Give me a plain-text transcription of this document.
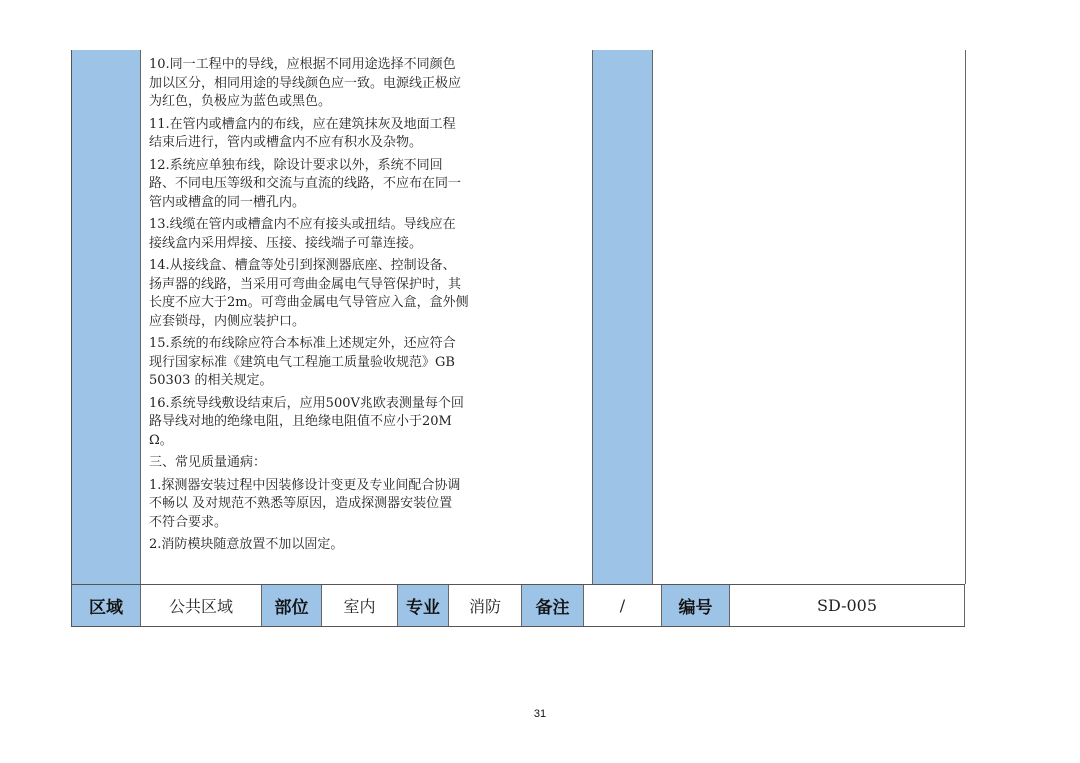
10.同一工程中的导线，应根据不同用途选择不同颜色
加以区分，相同用途的导线颜色应一致。电源线正极应
为红色，负极应为蓝色或黑色。

11.在管内或槽盒内的布线，应在建筑抹灰及地面工程
结束后进行，管内或槽盒内不应有积水及杂物。

12.系统应单独布线，除设计要求以外，系统不同回
路、不同电压等级和交流与直流的线路，不应布在同一
管内或槽盒的同一槽孔内。

13.线缆在管内或槽盒内不应有接头或扭结。导线应在
接线盒内采用焊接、压接、接线端子可靠连接。

14.从接线盒、槽盒等处引到探测器底座、控制设备、
扬声器的线路，当采用可弯曲金属电气导管保护时，其
长度不应大于2m。可弯曲金属电气导管应入盒，盒外侧
应套锁母，内侧应装护口。

15.系统的布线除应符合本标准上述规定外，还应符合
现行国家标准《建筑电气工程施工质量验收规范》GB
50303 的相关规定。

16.系统导线敷设结束后，应用500V兆欧表测量每个回
路导线对地的绝缘电阻，且绝缘电阻值不应小于20M
Ω。

三、常见质量通病：

1.探测器安装过程中因装修设计变更及专业间配合协调
不畅以 及对规范不熟悉等原因，造成探测器安装位置
不符合要求。

2.消防模块随意放置不加以固定。

区域	公共区域	部位	室内	专业	消防	备注	/	编号	SD-005
31
